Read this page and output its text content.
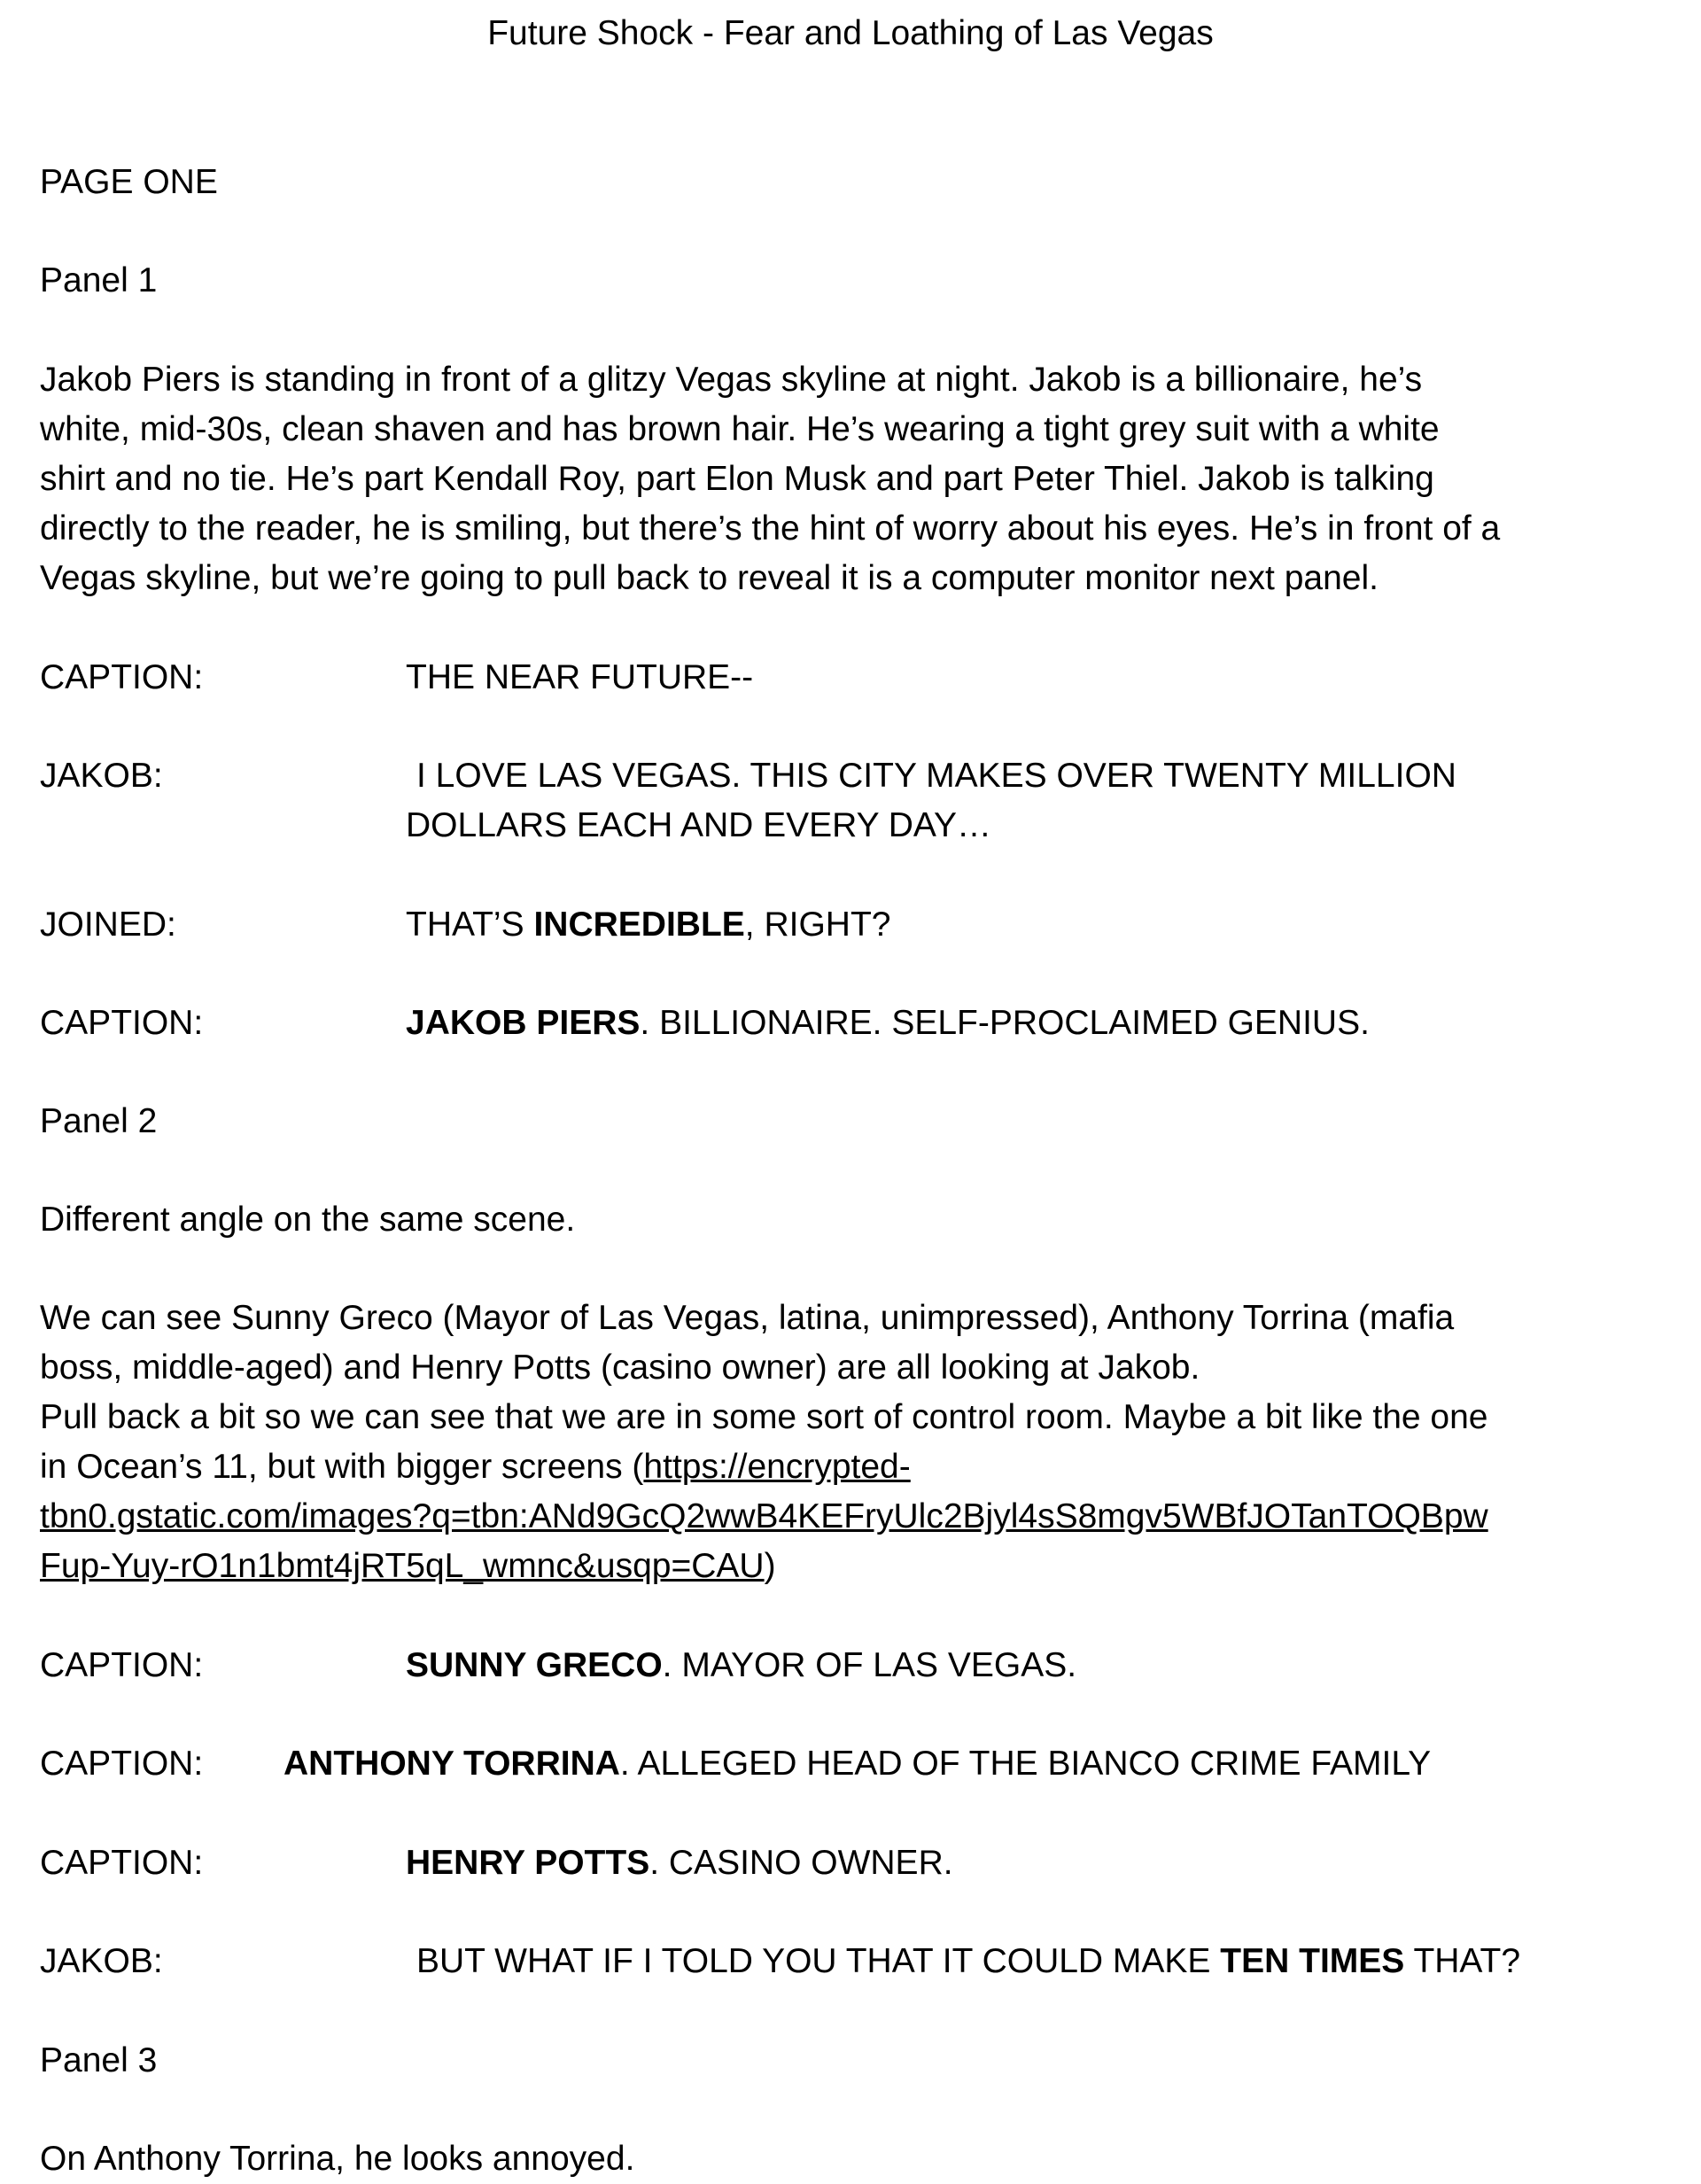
Future Shock - Fear and Loathing of Las Vegas
PAGE ONE
Panel 1
Jakob Piers is standing in front of a glitzy Vegas skyline at night. Jakob is a billionaire, he’s
white, mid-30s, clean shaven and has brown hair. He’s wearing a tight grey suit with a white
shirt and no tie. He’s part Kendall Roy, part Elon Musk and part Peter Thiel. Jakob is talking
directly to the reader, he is smiling, but there’s the hint of worry about his eyes. He’s in front of a
Vegas skyline, but we’re going to pull back to reveal it is a computer monitor next panel.
CAPTION:	THE NEAR FUTURE--
JAKOB:	I LOVE LAS VEGAS. THIS CITY MAKES OVER TWENTY MILLION
DOLLARS EACH AND EVERY DAY…
JOINED:	THAT’S INCREDIBLE, RIGHT?
CAPTION:	JAKOB PIERS. BILLIONAIRE. SELF-PROCLAIMED GENIUS.
Panel 2
Different angle on the same scene.
We can see Sunny Greco (Mayor of Las Vegas, latina, unimpressed), Anthony Torrina (mafia
boss, middle-aged) and Henry Potts (casino owner) are all looking at Jakob.
Pull back a bit so we can see that we are in some sort of control room. Maybe a bit like the one
in Ocean’s 11, but with bigger screens (https://encrypted-
tbn0.gstatic.com/images?q=tbn:ANd9GcQ2wwB4KEFryUlc2Bjyl4sS8mgv5WBfJOTanTOQBpw
Fup-Yuy-rO1n1bmt4jRT5qL_wmnc&usqp=CAU)
CAPTION:	SUNNY GRECO. MAYOR OF LAS VEGAS.
CAPTION: ANTHONY TORRINA. ALLEGED HEAD OF THE BIANCO CRIME FAMILY
CAPTION:	HENRY POTTS. CASINO OWNER.
JAKOB:	BUT WHAT IF I TOLD YOU THAT IT COULD MAKE TEN TIMES THAT?
Panel 3
On Anthony Torrina, he looks annoyed.
